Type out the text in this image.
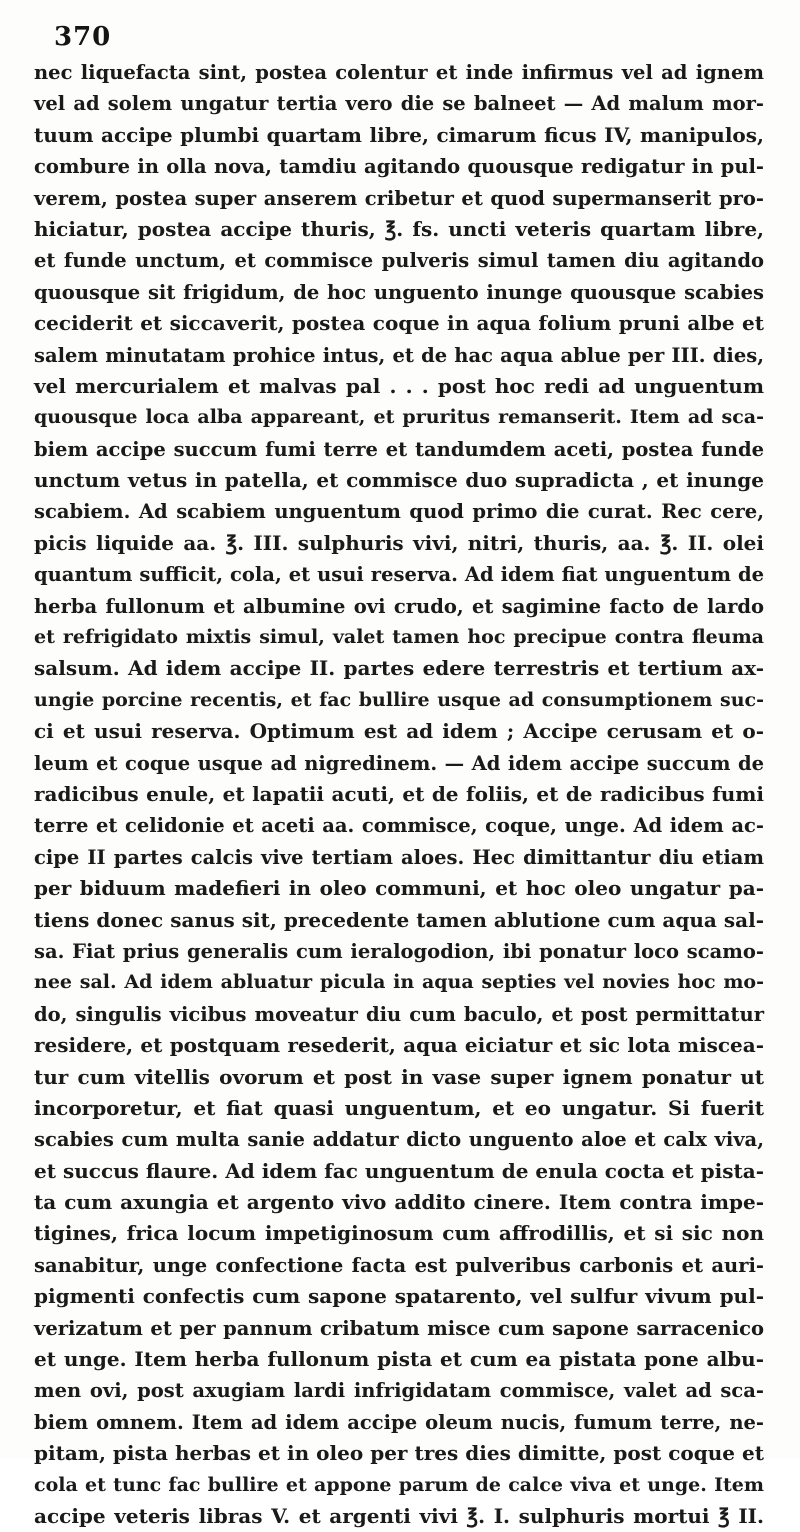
370
nec liquefacta sint, postea colentur et inde infirmus vel ad ignem
vel ad solem ungatur tertia vero die se balneet — Ad malum mor-
tuum accipe plumbi quartam libre, cimarum ficus IV, manipulos,
combure in olla nova, tamdiu agitando quousque redigatur in pul-
verem, postea super anserem cribetur et quod supermanserit pro-
hiciatur, postea accipe thuris, ℥. fs. uncti veteris quartam libre,
et funde unctum, et commisce pulveris simul tamen diu agitando
quousque sit frigidum, de hoc unguento inunge quousque scabies
ceciderit et siccaverit, postea coque in aqua folium pruni albe et
salem minutatam prohice intus, et de hac aqua ablue per III. dies,
vel mercurialem et malvas pal . . . post hoc redi ad unguentum
quousque loca alba appareant, et pruritus remanserit. Item ad sca-
biem accipe succum fumi terre et tandumdem aceti, postea funde
unctum vetus in patella, et commisce duo supradicta , et inunge
scabiem. Ad scabiem unguentum quod primo die curat. Rec cere,
picis liquide aa. ℥. III. sulphuris vivi, nitri, thuris, aa. ℥. II. olei
quantum sufficit, cola, et usui reserva. Ad idem fiat unguentum de
herba fullonum et albumine ovi crudo, et sagimine facto de lardo
et refrigidato mixtis simul, valet tamen hoc precipue contra fleuma
salsum. Ad idem accipe II. partes edere terrestris et tertium ax-
ungie porcine recentis, et fac bullire usque ad consumptionem suc-
ci et usui reserva. Optimum est ad idem ; Accipe cerusam et o-
leum et coque usque ad nigredinem. — Ad idem accipe succum de
radicibus enule, et lapatii acuti, et de foliis, et de radicibus fumi
terre et celidonie et aceti aa. commisce, coque, unge. Ad idem ac-
cipe II partes calcis vive tertiam aloes. Hec dimittantur diu etiam
per biduum madefieri in oleo communi, et hoc oleo ungatur pa-
tiens donec sanus sit, precedente tamen ablutione cum aqua sal-
sa. Fiat prius generalis cum ieralogodion, ibi ponatur loco scamo-
nee sal. Ad idem abluatur picula in aqua septies vel novies hoc mo-
do, singulis vicibus moveatur diu cum baculo, et post permittatur
residere, et postquam resederit, aqua eiciatur et sic lota miscea-
tur cum vitellis ovorum et post in vase super ignem ponatur ut
incorporetur, et fiat quasi unguentum, et eo ungatur. Si fuerit
scabies cum multa sanie addatur dicto unguento aloe et calx viva,
et succus flaure. Ad idem fac unguentum de enula cocta et pista-
ta cum axungia et argento vivo addito cinere. Item contra impe-
tigines, frica locum impetiginosum cum affrodillis, et si sic non
sanabitur, unge confectione facta est pulveribus carbonis et auri-
pigmenti confectis cum sapone spatarento, vel sulfur vivum pul-
verizatum et per pannum cribatum misce cum sapone sarracenico
et unge. Item herba fullonum pista et cum ea pistata pone albu-
men ovi, post axugiam lardi infrigidatam commisce, valet ad sca-
biem omnem. Item ad idem accipe oleum nucis, fumum terre, ne-
pitam, pista herbas et in oleo per tres dies dimitte, post coque et
cola et tunc fac bullire et appone parum de calce viva et unge. Item
accipe veteris libras V. et argenti vivi ℥. I. sulphuris mortui ℥ II.
